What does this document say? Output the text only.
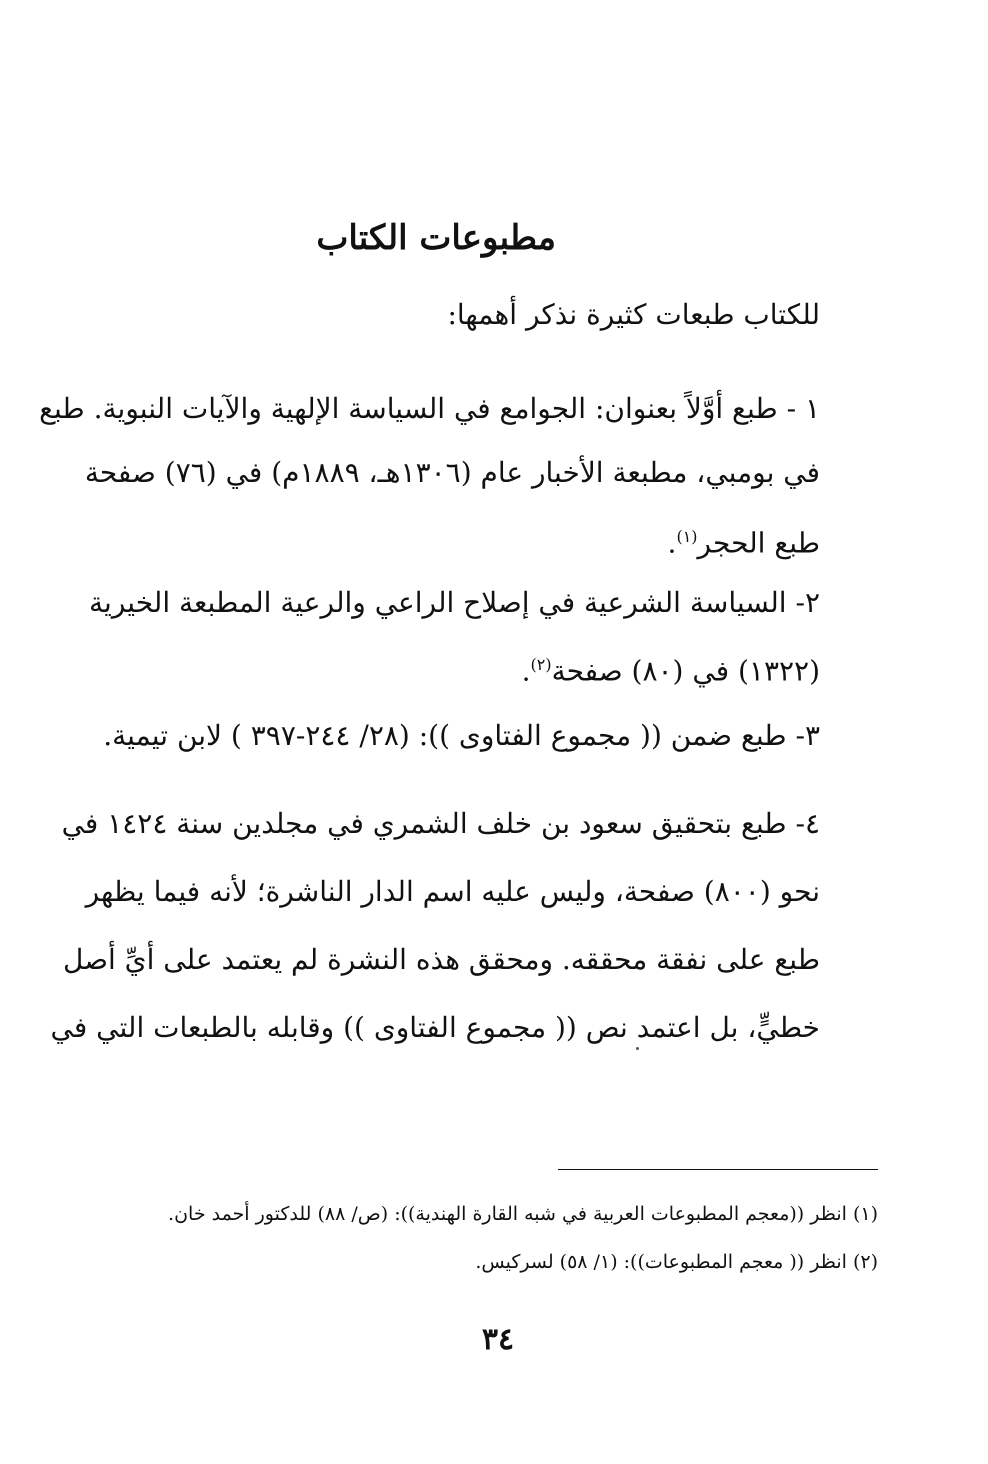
مطبوعات الكتاب
للكتاب طبعات كثيرة نذكر أهمها:
١ - طبع أوَّلاً بعنوان: الجوامع في السياسة الإلهية والآيات النبوية. طبع
في بومبي، مطبعة الأخبار عام (١٣٠٦هـ، ١٨٨٩م) في (٧٦) صفحة
طبع الحجر$^{(١)}$.
٢- السياسة الشرعية في إصلاح الراعي والرعية المطبعة الخيرية
(١٣٢٢) في (٨٠) صفحة$^{(٢)}$.
٣- طبع ضمن (( مجموع الفتاوى )): (٢٨/ ٢٤٤-٣٩٧ ) لابن تيمية.
٤- طبع بتحقيق سعود بن خلف الشمري في مجلدين سنة ١٤٢٤ في
نحو (٨٠٠) صفحة، وليس عليه اسم الدار الناشرة؛ لأنه فيما يظهر
طبع على نفقة محققه. ومحقق هذه النشرة لم يعتمد على أيِّ أصل
خطيٍّ، بل اعتمد نص (( مجموع الفتاوى )) وقابله بالطبعات التي في
(١) انظر ((معجم المطبوعات العربية في شبه القارة الهندية)): (ص/ ٨٨) للدكتور أحمد خان.
(٢) انظر (( معجم المطبوعات)): (١/ ٥٨) لسركيس.
٣٤
